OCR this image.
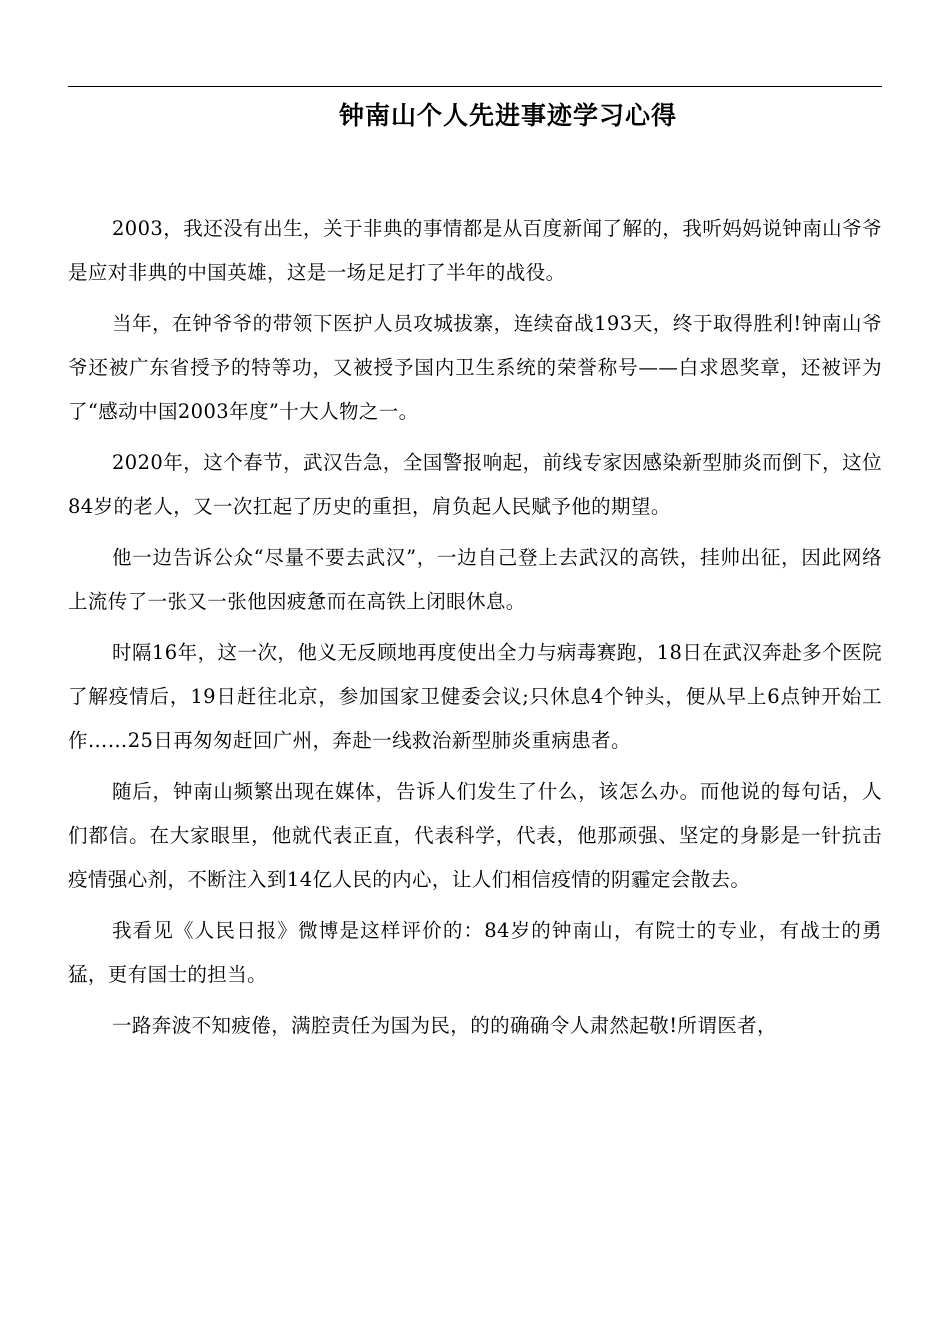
钟南山个人先进事迹学习心得

2003，我还没有出生，关于非典的事情都是从百度新闻了解的，我听妈妈说钟南山爷爷是应对非典的中国英雄，这是一场足足打了半年的战役。

当年，在钟爷爷的带领下医护人员攻城拔寨，连续奋战193天，终于取得胜利!钟南山爷爷还被广东省授予的特等功，又被授予国内卫生系统的荣誉称号——白求恩奖章，还被评为了“感动中国2003年度”十大人物之一。

2020年，这个春节，武汉告急，全国警报响起，前线专家因感染新型肺炎而倒下，这位84岁的老人，又一次扛起了历史的重担，肩负起人民赋予他的期望。

他一边告诉公众“尽量不要去武汉”，一边自己登上去武汉的高铁，挂帅出征，因此网络上流传了一张又一张他因疲惫而在高铁上闭眼休息。

时隔16年，这一次，他义无反顾地再度使出全力与病毒赛跑，18日在武汉奔赴多个医院了解疫情后，19日赶往北京，参加国家卫健委会议;只休息4个钟头，便从早上6点钟开始工作……25日再匆匆赶回广州，奔赴一线救治新型肺炎重病患者。

随后，钟南山频繁出现在媒体，告诉人们发生了什么，该怎么办。而他说的每句话，人们都信。在大家眼里，他就代表正直，代表科学，代表，他那顽强、坚定的身影是一针抗击疫情强心剂，不断注入到14亿人民的内心，让人们相信疫情的阴霾定会散去。

我看见《人民日报》微博是这样评价的：84岁的钟南山，有院士的专业，有战士的勇猛，更有国士的担当。

一路奔波不知疲倦，满腔责任为国为民，的的确确令人肃然起敬!所谓医者，
